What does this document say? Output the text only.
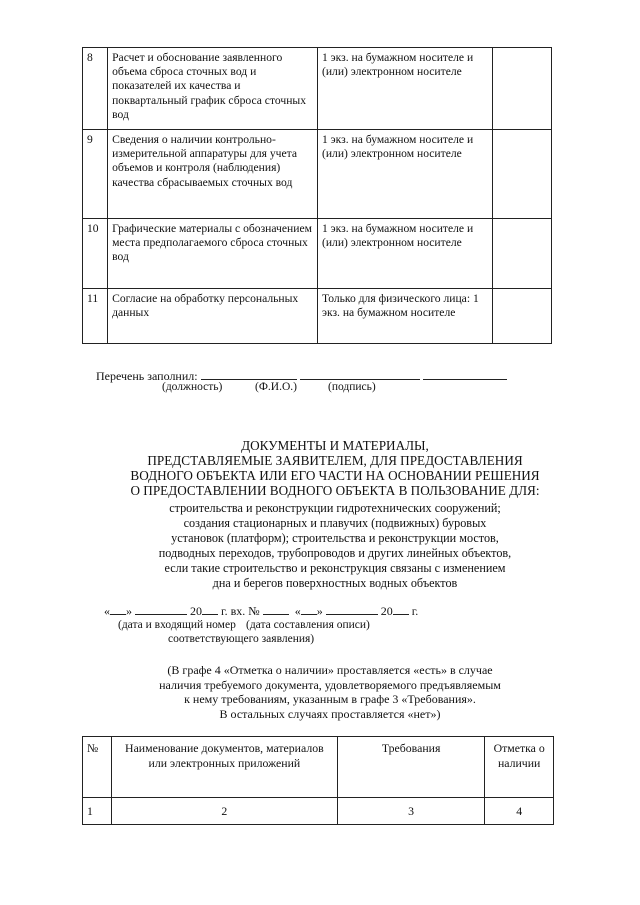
8	Расчет и обоснование заявленного объема сброса сточных вод и показателей их качества и поквартальный график сброса сточных вод	1 экз. на бумажном носителе и (или) электронном носителе	
9	Сведения о наличии контрольно-измерительной аппаратуры для учета объемов и контроля (наблюдения) качества сбрасываемых сточных вод	1 экз. на бумажном носителе и (или) электронном носителе	
10	Графические материалы с обозначением места предполагаемого сброса сточных вод	1 экз. на бумажном носителе и (или) электронном носителе	
11	Согласие на обработку персональных данных	Только для физического лица: 1 экз. на бумажном носителе	
Перечень заполнил:
(должность)	(Ф.И.О.)	(подпись)
ДОКУМЕНТЫ И МАТЕРИАЛЫ,
ПРЕДСТАВЛЯЕМЫЕ ЗАЯВИТЕЛЕМ, ДЛЯ ПРЕДОСТАВЛЕНИЯ
ВОДНОГО ОБЪЕКТА ИЛИ ЕГО ЧАСТИ НА ОСНОВАНИИ РЕШЕНИЯ
О ПРЕДОСТАВЛЕНИИ ВОДНОГО ОБЪЕКТА В ПОЛЬЗОВАНИЕ ДЛЯ:
строительства и реконструкции гидротехнических сооружений;
создания стационарных и плавучих (подвижных) буровых
установок (платформ); строительства и реконструкции мостов,
подводных переходов, трубопроводов и других линейных объектов,
если такие строительство и реконструкция связаны с изменением
дна и берегов поверхностных водных объектов
« »	20 г. вх. №	« »	20 г.
(дата и входящий номер (дата составления описи)
соответствующего заявления)
(В графе 4 «Отметка о наличии» проставляется «есть» в случае
наличия требуемого документа, удовлетворяемого предъявляемым
к нему требованиям, указанным в графе 3 «Требования».
В остальных случаях проставляется «нет»)
№	Наименование документов, материалов или электронных приложений	Требования	Отметка о наличии
1	2	3	4
